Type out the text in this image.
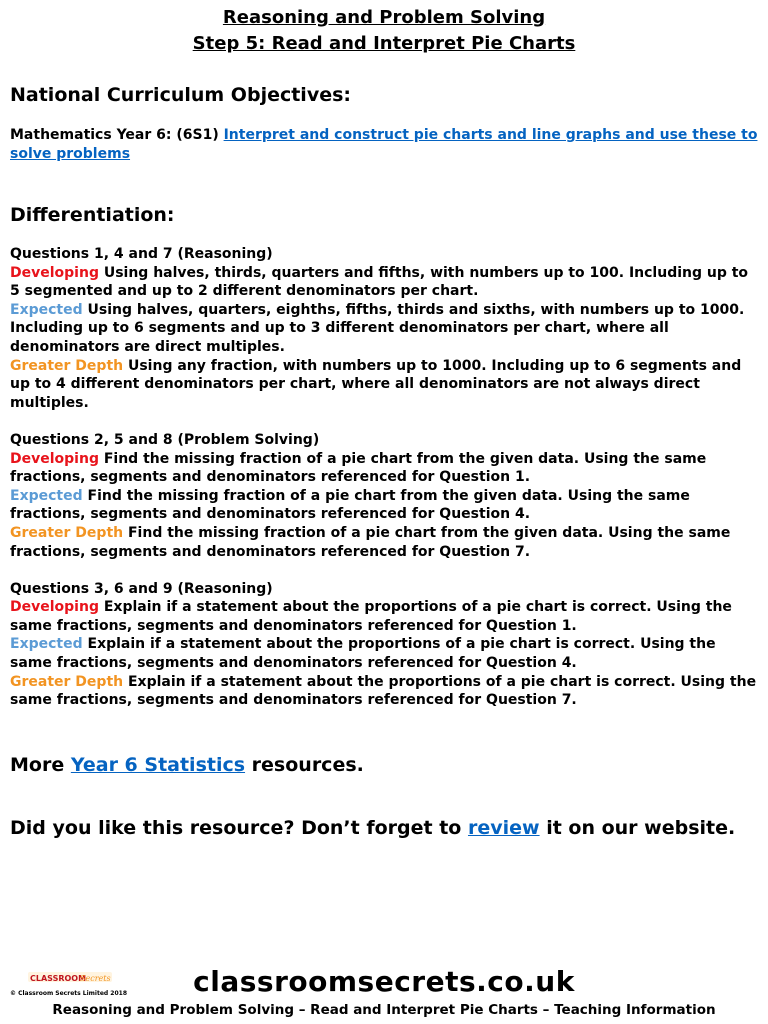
Reasoning and Problem Solving
Step 5: Read and Interpret Pie Charts
National Curriculum Objectives:

Mathematics Year 6: (6S1) Interpret and construct pie charts and line graphs and use these to solve problems

Differentiation:

Questions 1, 4 and 7 (Reasoning)

Developing Using halves, thirds, quarters and fifths, with numbers up to 100. Including up to 5 segmented and up to 2 different denominators per chart.

Expected Using halves, quarters, eighths, fifths, thirds and sixths, with numbers up to 1000. Including up to 6 segments and up to 3 different denominators per chart, where all denominators are direct multiples.

Greater Depth Using any fraction, with numbers up to 1000. Including up to 6 segments and up to 4 different denominators per chart, where all denominators are not always direct multiples.

Questions 2, 5 and 8 (Problem Solving)

Developing Find the missing fraction of a pie chart from the given data. Using the same fractions, segments and denominators referenced for Question 1.

Expected Find the missing fraction of a pie chart from the given data. Using the same fractions, segments and denominators referenced for Question 4.

Greater Depth Find the missing fraction of a pie chart from the given data. Using the same fractions, segments and denominators referenced for Question 7.

Questions 3, 6 and 9 (Reasoning)

Developing Explain if a statement about the proportions of a pie chart is correct. Using the same fractions, segments and denominators referenced for Question 1.

Expected Explain if a statement about the proportions of a pie chart is correct. Using the same fractions, segments and denominators referenced for Question 4.

Greater Depth Explain if a statement about the proportions of a pie chart is correct. Using the same fractions, segments and denominators referenced for Question 7.

More Year 6 Statistics resources.
Did you like this resource? Don’t forget to review it on our website.
CLASSROOM
Secrets
© Classroom Secrets Limited 2018	classroomsecrets.co.uk
Reasoning and Problem Solving – Read and Interpret Pie Charts – Teaching Information
